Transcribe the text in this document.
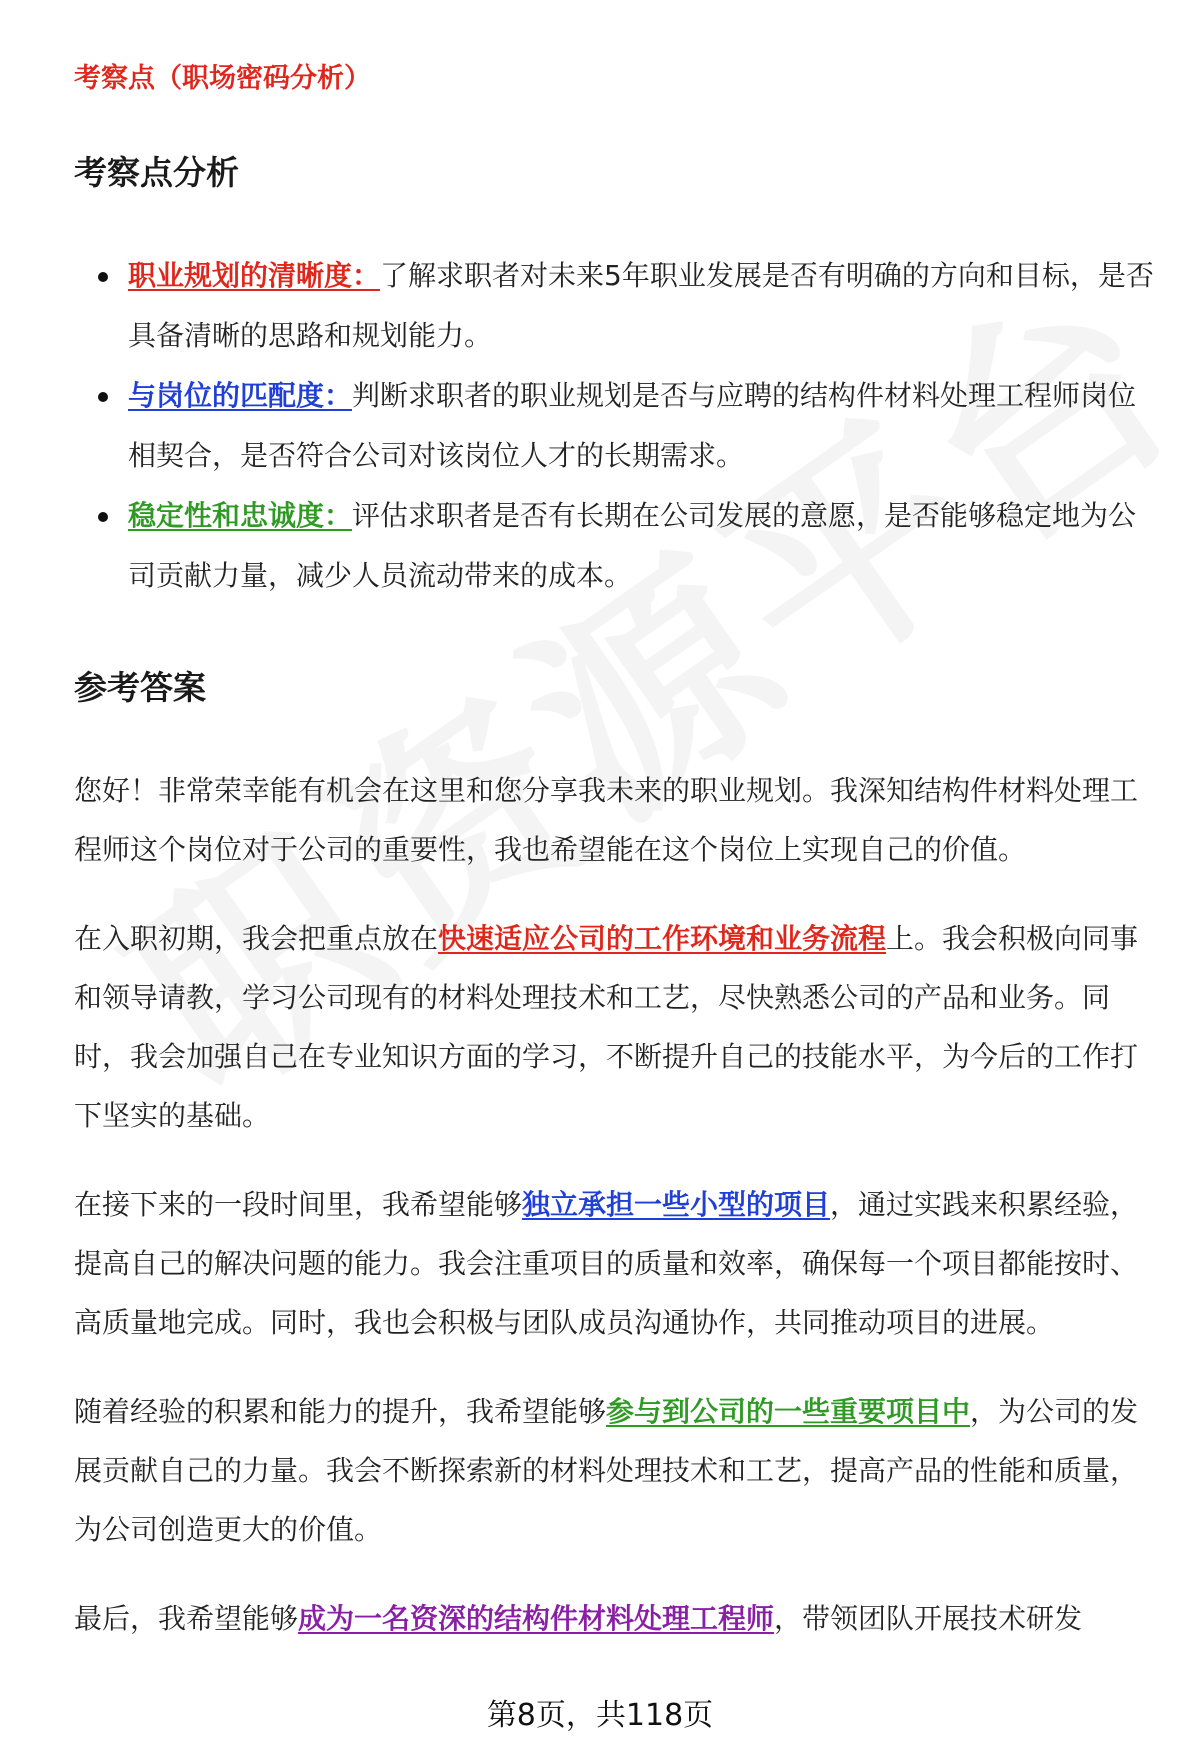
考察点（职场密码分析）
考察点分析
职业规划的清晰度：了解求职者对未来5年职业发展是否有明确的方向和目标，是否具备清晰的思路和规划能力。
与岗位的匹配度：判断求职者的职业规划是否与应聘的结构件材料处理工程师岗位相契合，是否符合公司对该岗位人才的长期需求。
稳定性和忠诚度：评估求职者是否有长期在公司发展的意愿，是否能够稳定地为公司贡献力量，减少人员流动带来的成本。
参考答案

您好！非常荣幸能有机会在这里和您分享我未来的职业规划。我深知结构件材料处理工程师这个岗位对于公司的重要性，我也希望能在这个岗位上实现自己的价值。

在入职初期，我会把重点放在快速适应公司的工作环境和业务流程上。我会积极向同事和领导请教，学习公司现有的材料处理技术和工艺，尽快熟悉公司的产品和业务。同时，我会加强自己在专业知识方面的学习，不断提升自己的技能水平，为今后的工作打下坚实的基础。

在接下来的一段时间里，我希望能够独立承担一些小型的项目，通过实践来积累经验，提高自己的解决问题的能力。我会注重项目的质量和效率，确保每一个项目都能按时、高质量地完成。同时，我也会积极与团队成员沟通协作，共同推动项目的进展。

随着经验的积累和能力的提升，我希望能够参与到公司的一些重要项目中，为公司的发展贡献自己的力量。我会不断探索新的材料处理技术和工艺，提高产品的性能和质量，为公司创造更大的价值。

最后，我希望能够成为一名资深的结构件材料处理工程师，带领团队开展技术研发

第8页，共118页
